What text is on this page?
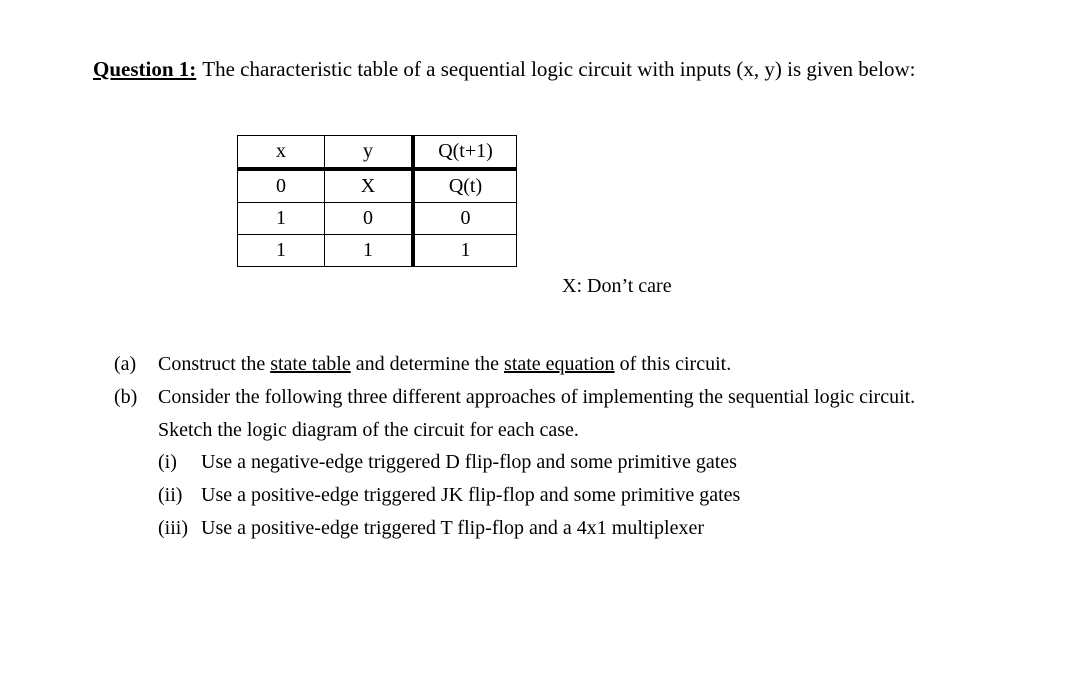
Question 1: The characteristic table of a sequential logic circuit with inputs (x, y) is given below:
x	y	Q(t+1)
0	X	Q(t)
1	0	0
1	1	1
X: Don’t care
(a) Construct the state table and determine the state equation of this circuit.
(b) Consider the following three different approaches of implementing the sequential logic circuit.
Sketch the logic diagram of the circuit for each case.
(i) Use a negative-edge triggered D flip-flop and some primitive gates
(ii) Use a positive-edge triggered JK flip-flop and some primitive gates
(iii) Use a positive-edge triggered T flip-flop and a 4x1 multiplexer
